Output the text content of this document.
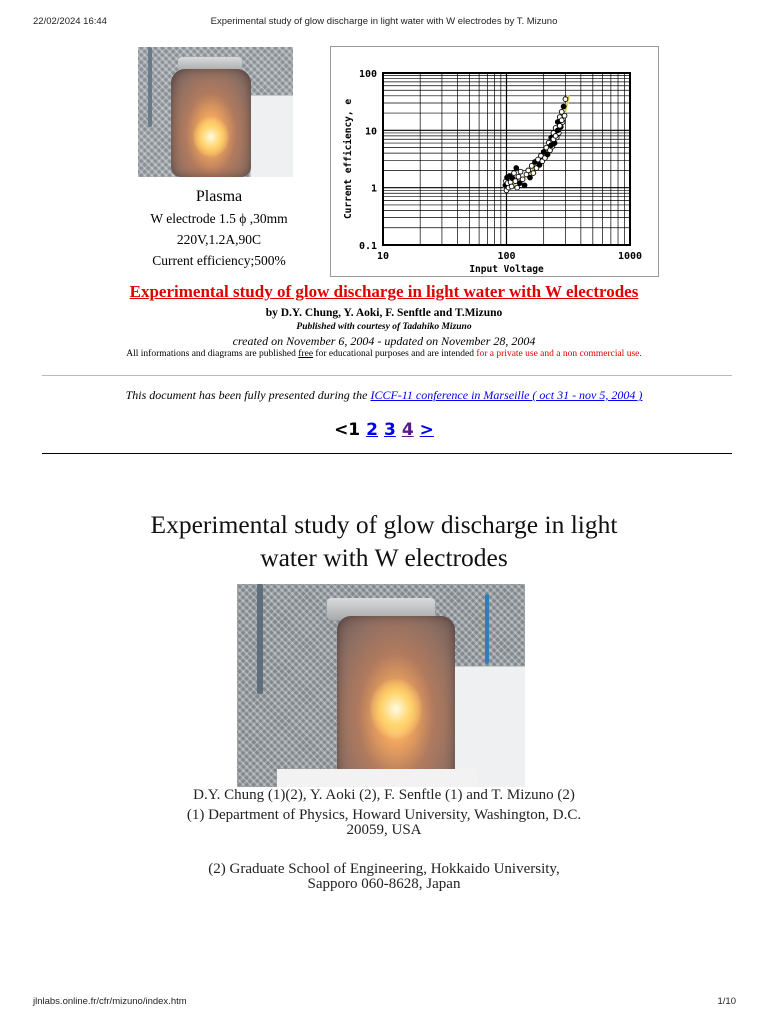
22/02/2024 16:44	Experimental study of glow discharge in light water with W electrodes by T. Mizuno
Plasma
W electrode 1.5 ϕ ,30mm
220V,1.2A,90C
Current efficiency;500%	10	100	1000
0.1
1
10
100
Input Voltage
Current efficiency, e
Experimental study of glow discharge in light water with W electrodes
by D.Y. Chung, Y. Aoki, F. Senftle and T.Mizuno
Published with courtesy of Tadahiko Mizuno
created on November 6, 2004 - updated on November 28, 2004
All informations and diagrams are published free for educational purposes and are intended for a private use and a non commercial use.
This document has been fully presented during the ICCF-11 conference in Marseille ( oct 31 - nov 5, 2004 )
<1 2 3 4 >
Experimental study of glow discharge in light
water with W electrodes
D.Y. Chung (1)(2), Y. Aoki (2), F. Senftle (1) and T. Mizuno (2)
(1) Department of Physics, Howard University, Washington, D.C.
20059, USA
(2) Graduate School of Engineering, Hokkaido University,
Sapporo 060-8628, Japan
jlnlabs.online.fr/cfr/mizuno/index.htm	1/10
